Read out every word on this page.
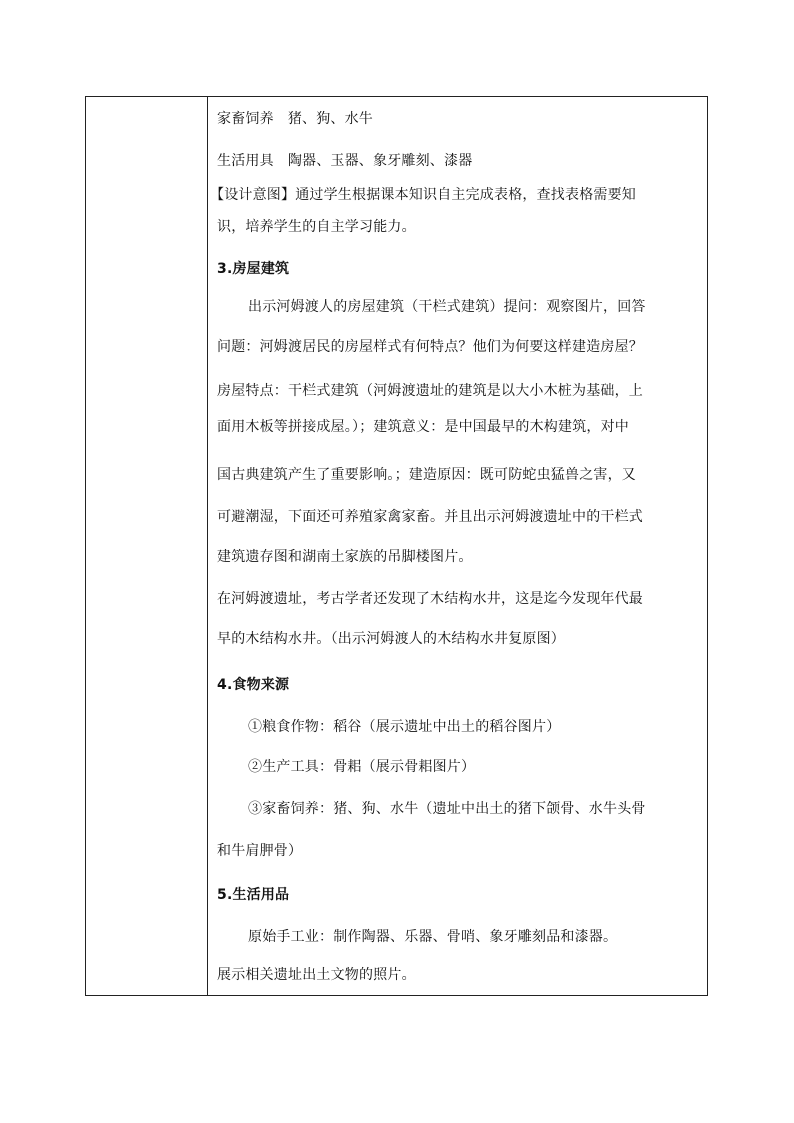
家畜饲养 猪、狗、水牛
生活用具 陶器、玉器、象牙雕刻、漆器
【设计意图】通过学生根据课本知识自主完成表格，查找表格需要知
识，培养学生的自主学习能力。
3.房屋建筑
出示河姆渡人的房屋建筑（干栏式建筑）提问：观察图片，回答
问题：河姆渡居民的房屋样式有何特点？他们为何要这样建造房屋？
房屋特点：干栏式建筑（河姆渡遗址的建筑是以大小木桩为基础，上
面用木板等拼接成屋。）；建筑意义：是中国最早的木构建筑，对中
国古典建筑产生了重要影响。；建造原因：既可防蛇虫猛兽之害，又
可避潮湿，下面还可养殖家禽家畜。并且出示河姆渡遗址中的干栏式
建筑遗存图和湖南土家族的吊脚楼图片。
在河姆渡遗址，考古学者还发现了木结构水井，这是迄今发现年代最
早的木结构水井。（出示河姆渡人的木结构水井复原图）
4.食物来源
①粮食作物：稻谷（展示遗址中出土的稻谷图片）
②生产工具：骨耜（展示骨耜图片）
③家畜饲养：猪、狗、水牛（遗址中出土的猪下颌骨、水牛头骨
和牛肩胛骨）
5.生活用品
原始手工业：制作陶器、乐器、骨哨、象牙雕刻品和漆器。
展示相关遗址出土文物的照片。
